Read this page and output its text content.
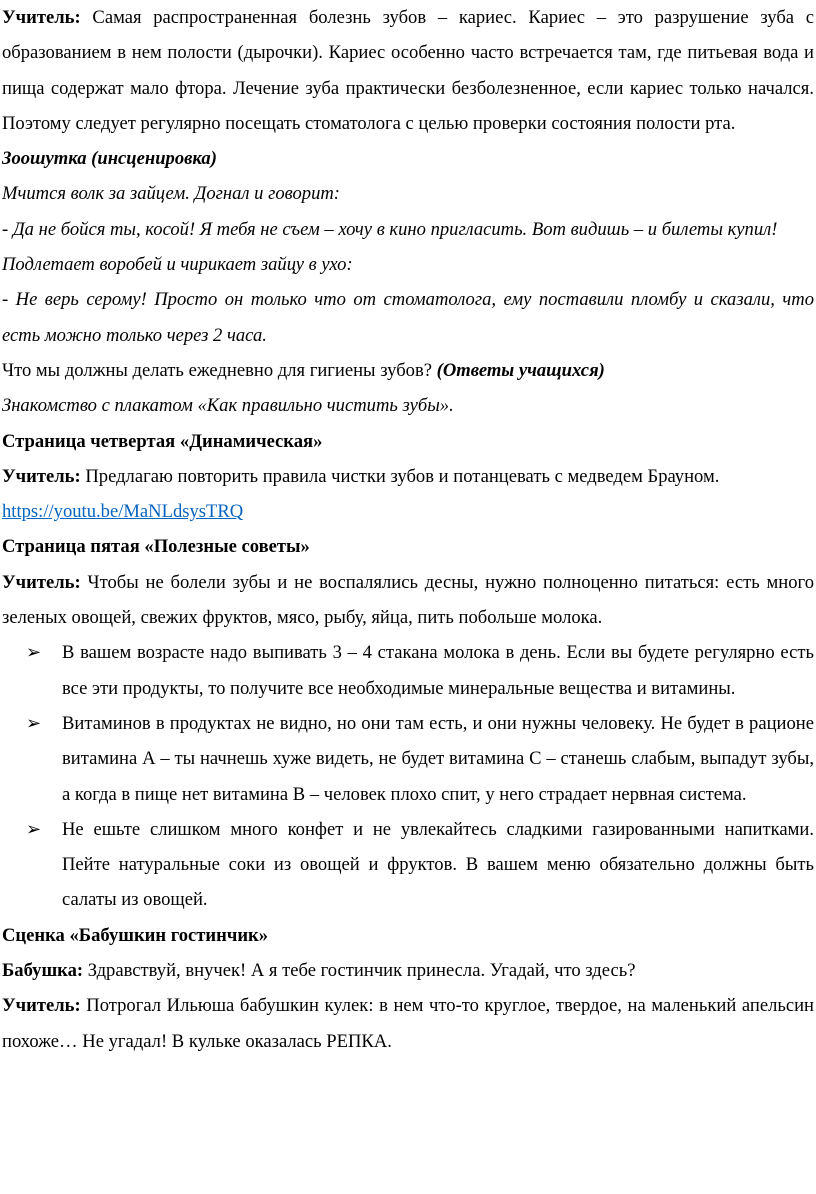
Учитель: Самая распространенная болезнь зубов – кариес. Кариес – это разрушение зуба с образованием в нем полости (дырочки). Кариес особенно часто встречается там, где питьевая вода и пища содержат мало фтора. Лечение зуба практически безболезненное, если кариес только начался. Поэтому следует регулярно посещать стоматолога с целью проверки состояния полости рта.

Зоошутка (инсценировка)

Мчится волк за зайцем. Догнал и говорит:

- Да не бойся ты, косой! Я тебя не съем – хочу в кино пригласить. Вот видишь – и билеты купил!

Подлетает воробей и чирикает зайцу в ухо:

- Не верь серому! Просто он только что от стоматолога, ему поставили пломбу и сказали, что есть можно только через 2 часа.

Что мы должны делать ежедневно для гигиены зубов? (Ответы учащихся)

Знакомство с плакатом «Как правильно чистить зубы».

Страница четвертая «Динамическая»

Учитель: Предлагаю повторить правила чистки зубов и потанцевать с медведем Брауном.

https://youtu.be/MaNLdsysTRQ

Страница пятая «Полезные советы»

Учитель: Чтобы не болели зубы и не воспалялись десны, нужно полноценно питаться: есть много зеленых овощей, свежих фруктов, мясо, рыбу, яйца, пить побольше молока.

➢ В вашем возрасте надо выпивать 3 – 4 стакана молока в день. Если вы будете регулярно есть все эти продукты, то получите все необходимые минеральные вещества и витамины.
➢ Витаминов в продуктах не видно, но они там есть, и они нужны человеку. Не будет в рационе витамина А – ты начнешь хуже видеть, не будет витамина С – станешь слабым, выпадут зубы, а когда в пище нет витамина В – человек плохо спит, у него страдает нервная система.
➢ Не ешьте слишком много конфет и не увлекайтесь сладкими газированными напитками. Пейте натуральные соки из овощей и фруктов. В вашем меню обязательно должны быть салаты из овощей.

Сценка «Бабушкин гостинчик»

Бабушка: Здравствуй, внучек! А я тебе гостинчик принесла. Угадай, что здесь?

Учитель: Потрогал Ильюша бабушкин кулек: в нем что-то круглое, твердое, на маленький апельсин похоже… Не угадал! В кульке оказалась РЕПКА.
